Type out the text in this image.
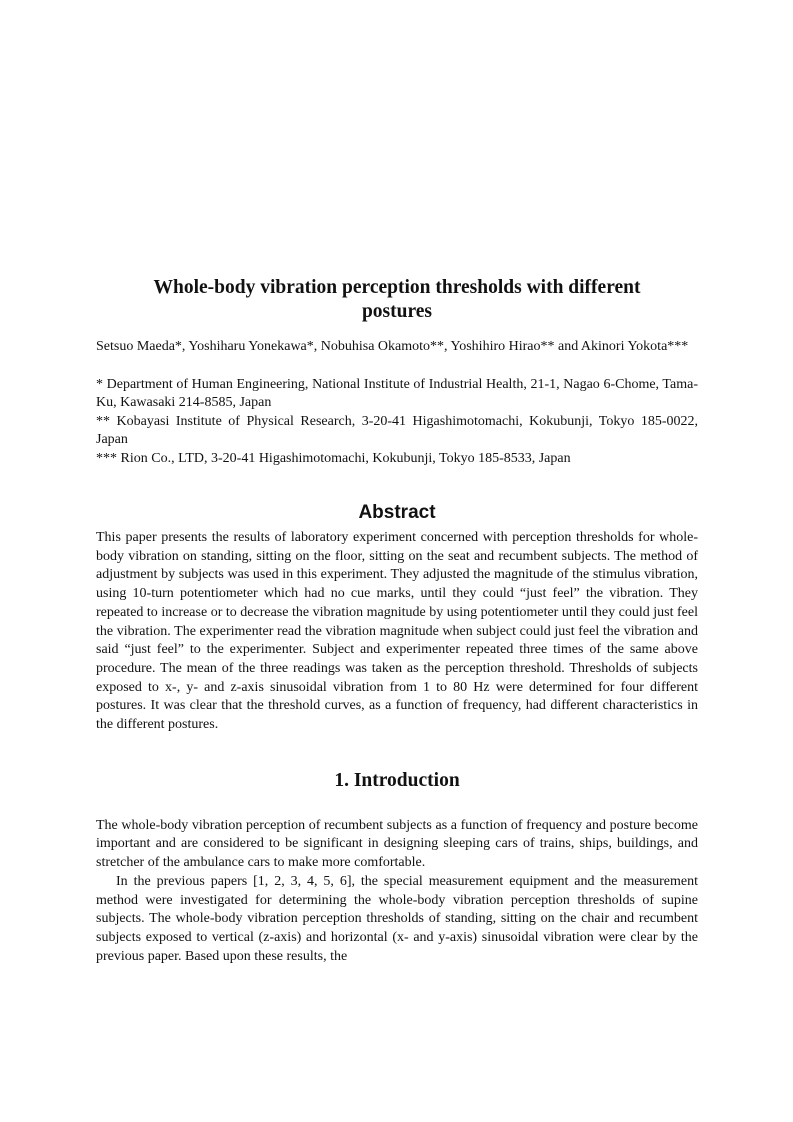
Whole-body vibration perception thresholds with different
postures

Setsuo Maeda*, Yoshiharu Yonekawa*, Nobuhisa Okamoto**, Yoshihiro Hirao** and Akinori Yokota***

* Department of Human Engineering, National Institute of Industrial Health, 21-1, Nagao 6-Chome, Tama-Ku, Kawasaki 214-8585, Japan

** Kobayasi Institute of Physical Research, 3-20-41 Higashimotomachi, Kokubunji, Tokyo 185-0022, Japan

*** Rion Co., LTD, 3-20-41 Higashimotomachi, Kokubunji, Tokyo 185-8533, Japan

Abstract

This paper presents the results of laboratory experiment concerned with perception thresholds for whole-body vibration on standing, sitting on the floor, sitting on the seat and recumbent subjects. The method of adjustment by subjects was used in this experiment. They adjusted the magnitude of the stimulus vibration, using 10-turn potentiometer which had no cue marks, until they could “just feel” the vibration. They repeated to increase or to decrease the vibration magnitude by using potentiometer until they could just feel the vibration. The experimenter read the vibration magnitude when subject could just feel the vibration and said “just feel” to the experimenter. Subject and experimenter repeated three times of the same above procedure. The mean of the three readings was taken as the perception threshold. Thresholds of subjects exposed to x-, y- and z-axis sinusoidal vibration from 1 to 80 Hz were determined for four different postures. It was clear that the threshold curves, as a function of frequency, had different characteristics in the different postures.

1. Introduction

The whole-body vibration perception of recumbent subjects as a function of frequency and posture become important and are considered to be significant in designing sleeping cars of trains, ships, buildings, and stretcher of the ambulance cars to make more comfortable.

In the previous papers [1, 2, 3, 4, 5, 6], the special measurement equipment and the measurement method were investigated for determining the whole-body vibration perception thresholds of supine subjects. The whole-body vibration perception thresholds of standing, sitting on the chair and recumbent subjects exposed to vertical (z-axis) and horizontal (x- and y-axis) sinusoidal vibration were clear by the previous paper. Based upon these results, the
